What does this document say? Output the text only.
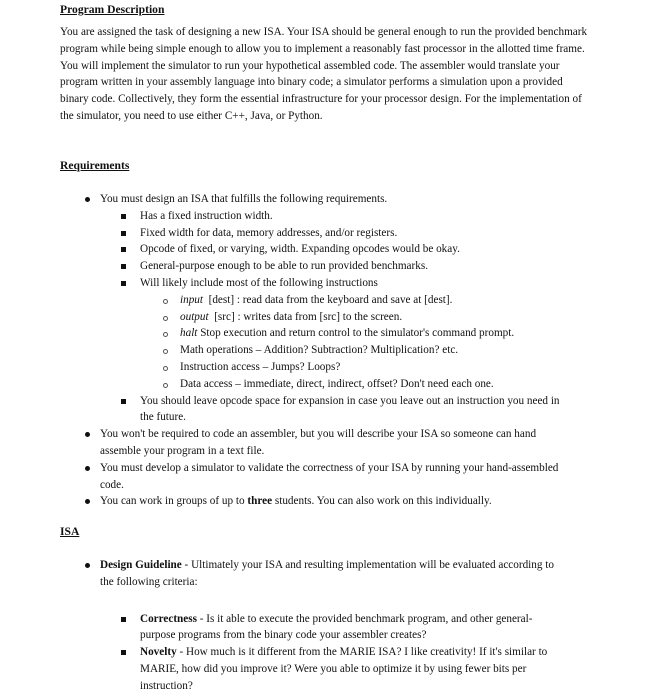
Program Description

You are assigned the task of designing a new ISA. Your ISA should be general enough to run the provided benchmark program while being simple enough to allow you to implement a reasonably fast processor in the allotted time frame. You will implement the simulator to run your hypothetical assembled code. The assembler would translate your program written in your assembly language into binary code; a simulator performs a simulation upon a provided binary code. Collectively, they form the essential infrastructure for your processor design. For the implementation of the simulator, you need to use either C++, Java, or Python.

Requirements
You must design an ISA that fulfills the following requirements.
Has a fixed instruction width.
Fixed width for data, memory addresses, and/or registers.
Opcode of fixed, or varying, width. Expanding opcodes would be okay.
General-purpose enough to be able to run provided benchmarks.
Will likely include most of the following instructions
input [dest] : read data from the keyboard and save at [dest].
output [src] : writes data from [src] to the screen.
halt Stop execution and return control to the simulator's command prompt.
Math operations – Addition? Subtraction? Multiplication? etc.
Instruction access – Jumps? Loops?
Data access – immediate, direct, indirect, offset? Don't need each one.
You should leave opcode space for expansion in case you leave out an instruction you need in the future.
You won't be required to code an assembler, but you will describe your ISA so someone can hand assemble your program in a text file.
You must develop a simulator to validate the correctness of your ISA by running your hand-assembled code.
You can work in groups of up to three students. You can also work on this individually.
ISA
Design Guideline - Ultimately your ISA and resulting implementation will be evaluated according to the following criteria:
Correctness - Is it able to execute the provided benchmark program, and other general-purpose programs from the binary code your assembler creates?
Novelty - How much is it different from the MARIE ISA? I like creativity! If it's similar to MARIE, how did you improve it? Were you able to optimize it by using fewer bits per instruction?
